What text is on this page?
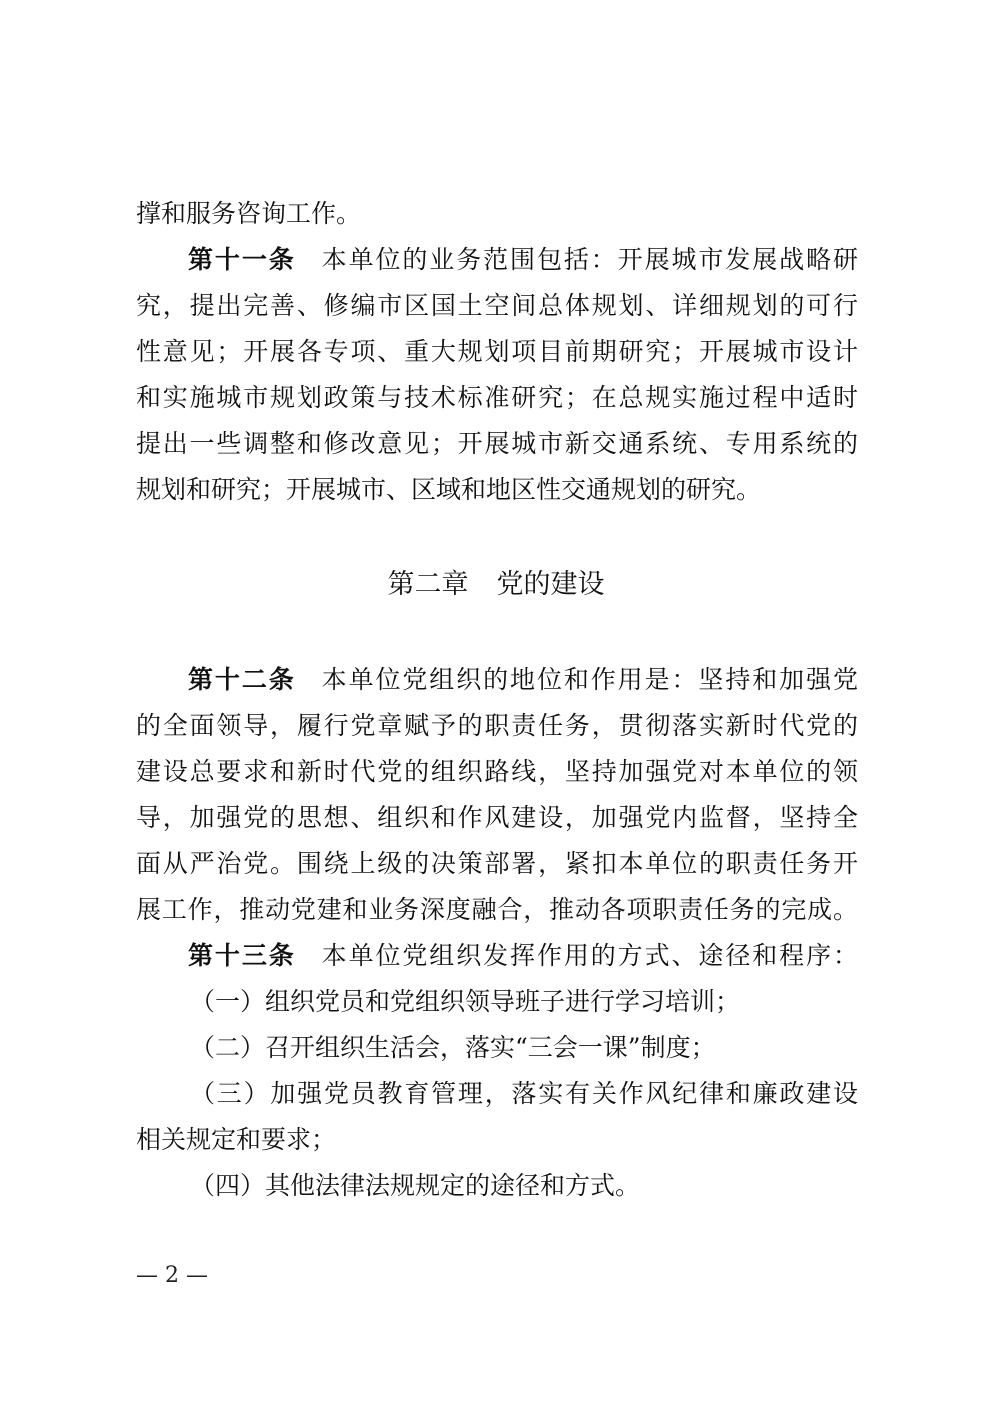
撑和服务咨询工作。
第十一条 本单位的业务范围包括：开展城市发展战略研
究，提出完善、修编市区国土空间总体规划、详细规划的可行
性意见；开展各专项、重大规划项目前期研究；开展城市设计
和实施城市规划政策与技术标准研究；在总规实施过程中适时
提出一些调整和修改意见；开展城市新交通系统、专用系统的
规划和研究；开展城市、区域和地区性交通规划的研究。
第二章 党的建设
第十二条 本单位党组织的地位和作用是：坚持和加强党
的全面领导，履行党章赋予的职责任务，贯彻落实新时代党的
建设总要求和新时代党的组织路线，坚持加强党对本单位的领
导，加强党的思想、组织和作风建设，加强党内监督，坚持全
面从严治党。围绕上级的决策部署，紧扣本单位的职责任务开
展工作，推动党建和业务深度融合，推动各项职责任务的完成。
第十三条 本单位党组织发挥作用的方式、途径和程序：
（一）组织党员和党组织领导班子进行学习培训；
（二）召开组织生活会，落实“三会一课”制度；
（三）加强党员教育管理，落实有关作风纪律和廉政建设
相关规定和要求；
（四）其他法律法规规定的途径和方式。
— 2 —
